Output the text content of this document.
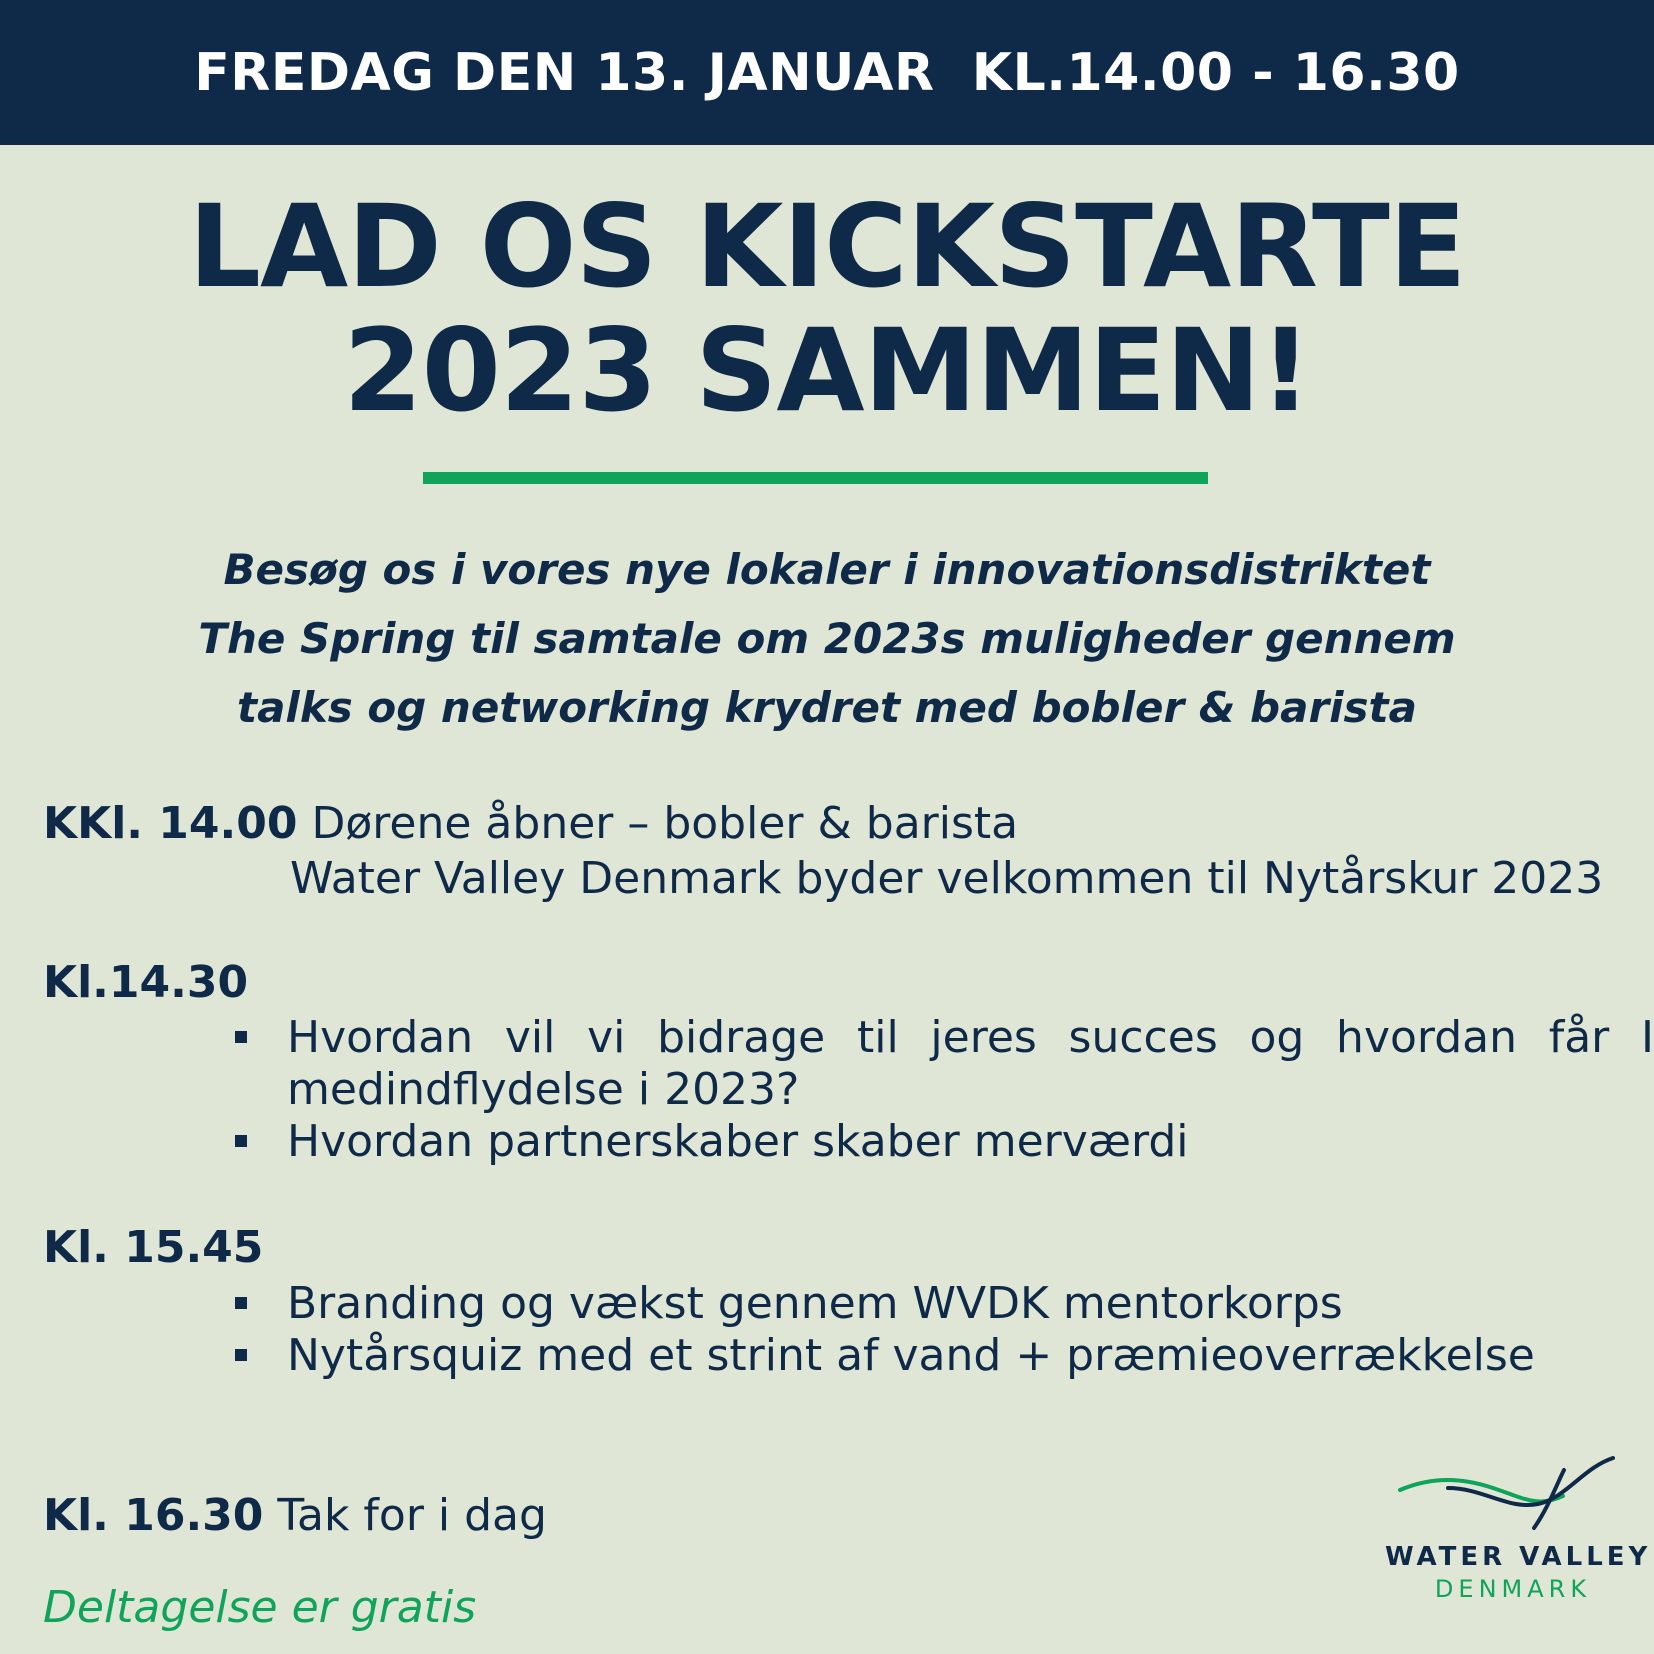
FREDAG DEN 13. JANUAR  KL.14.00 - 16.30
LAD OS KICKSTARTE
2023 SAMMEN!
Besøg os i vores nye lokaler i innovationsdistriktet
The Spring til samtale om 2023s muligheder gennem
talks og networking krydret med bobler & barista
KKl. 14.00 Dørene åbner – bobler & barista
Water Valley Denmark byder velkommen til Nytårskur 2023
Kl.14.30
Hvordan vil vi bidrage til jeres succes og hvordan får I medindflydelse i 2023?
Hvordan partnerskaber skaber merværdi
Kl. 15.45
Branding og vækst gennem WVDK mentorkorps
Nytårsquiz med et strint af vand + præmieoverrækkelse
Kl. 16.30 Tak for i dag
Deltagelse er gratis
WATER VALLEY
DENMARK
